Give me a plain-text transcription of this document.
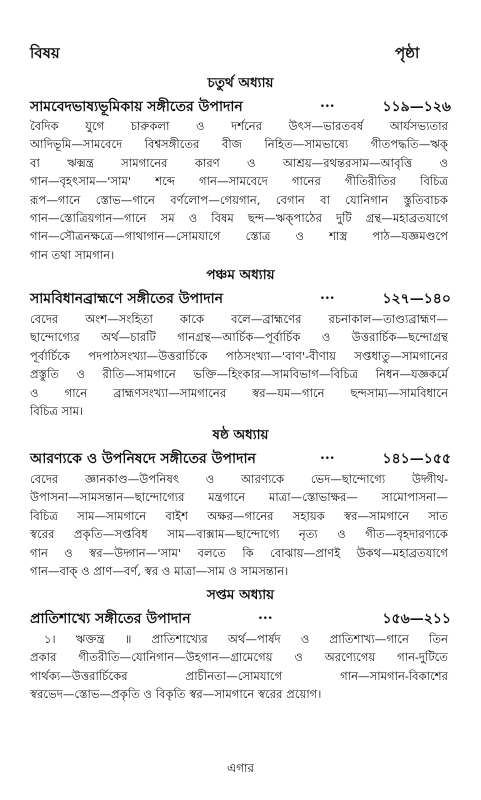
বিষয়	পৃষ্ঠা
চতুর্থ অধ্যায়
সামবেদভাষ্যভূমিকায় সঙ্গীতের উপাদান	...	১১৯—১২৬
বৈদিক যুগে চারুকলা ও দর্শনের উৎস—ভারতবর্ষ আর্যসভ্যতার
আদিভূমি—সামবেদে বিশ্বসঙ্গীতের বীজ নিহিত—সামভাষ্যে গীতপদ্ধতি—ঋক্
বা ঋক্মন্ত্র সামগানের কারণ ও আশ্রয়—রথন্তরসাম—আবৃত্তি ও
গান—বৃহৎসাম—'সাম' শব্দে গান—সামবেদে গানের গীতিরীতির বিচিত্র
রূপ—গানে স্তোভ—গানে বর্ণলোপ—গেয়গান, বেগান বা যোনিগান স্তুতিবাচক
গান—স্তোত্রিয়গান—গানে সম ও বিষম ছন্দ—ঋক্পাঠের দুটি গ্রন্থ—মহাব্রতযাগে
গান—সৌত্রনক্ষত্রে—গাথাগান—সোমযাগে স্তোত্র ও শাস্ত্র পাঠ—যজ্ঞমণ্ডপে
গান তথা সামগান।
পঞ্চম অধ্যায়
সামবিধানব্রাহ্মণে সঙ্গীতের উপাদান	...	১২৭—১৪০
বেদের অংশ—সংহিতা কাকে বলে—ব্রাহ্মণের রচনাকাল—তাণ্ড্যব্রাহ্মণ—
ছান্দোগ্যের অর্থ—চারটি গানগ্রন্থ—আর্চিক—পূর্বার্চিক ও উত্তরার্চিক—ছন্দোগ্রন্থ
পূর্বার্চিকে পদপাঠসংখ্যা—উত্তরার্চিকে পাঠসংখ্যা—'বাণ'-বীণায় সপ্তধাতু—সামগানের
প্রস্তুতি ও রীতি—সামগানে ভক্তি—হিংকার—সামবিভাগ—বিচিত্র নিধন—যজ্ঞকর্মে
ও গানে ব্রাহ্মণসংখ্যা—সামগানের স্বর—যম—গানে ছন্দসাম্য—সামবিধানে
বিচিত্র সাম।
ষষ্ঠ অধ্যায়
আরণ্যকে ও উপনিষদে সঙ্গীতের উপাদান	...	১৪১—১৫৫
বেদের জ্ঞানকাণ্ড—উপনিষৎ ও আরণ্যকে ভেদ—ছান্দোগ্যে উদ্গীথ-
উপাসনা—সামসন্তান—ছান্দোগ্যের মন্ত্রগানে মাত্রা—স্তোভাক্ষর— সামোপাসনা—
বিচিত্র সাম—সামগানে বাইশ অক্ষর—গানের সহায়ক স্বর—সামগানে সাত
স্বরের প্রকৃতি—সপ্তবিধ সাম—বাক্সাম—ছান্দোগ্যে নৃত্য ও গীত—বৃহদারণ্যকে
গান ও স্বর—উদ্গান—'সাম' বলতে কি বোঝায়—প্রাণই উকথ—মহাব্রতযাগে
গান—বাক্ ও প্রাণ—বর্ণ, স্বর ও মাত্রা—সাম ও সামসন্তান।
সপ্তম অধ্যায়
প্রাতিশাখ্যে সঙ্গীতের উপাদান	...	১৫৬—২১১
১। ঋক্তন্ত্র ॥ প্রাতিশাখ্যের অর্থ—পার্ষদ ও প্রাতিশাখ্য—গানে তিন
প্রকার গীতরীতি—যোনিগান—উহগান—গ্রামেগেয় ও অরণ্যেগেয় গান-দুটিতে
পার্থক্য—উত্তরার্চিকের প্রাচীনতা—সোমযাগে গান—সামগান-বিকাশের
স্বরভেদ—স্তোভ—প্রকৃতি ও বিকৃতি স্বর—সামগানে স্বরের প্রয়োগ।
এগার
